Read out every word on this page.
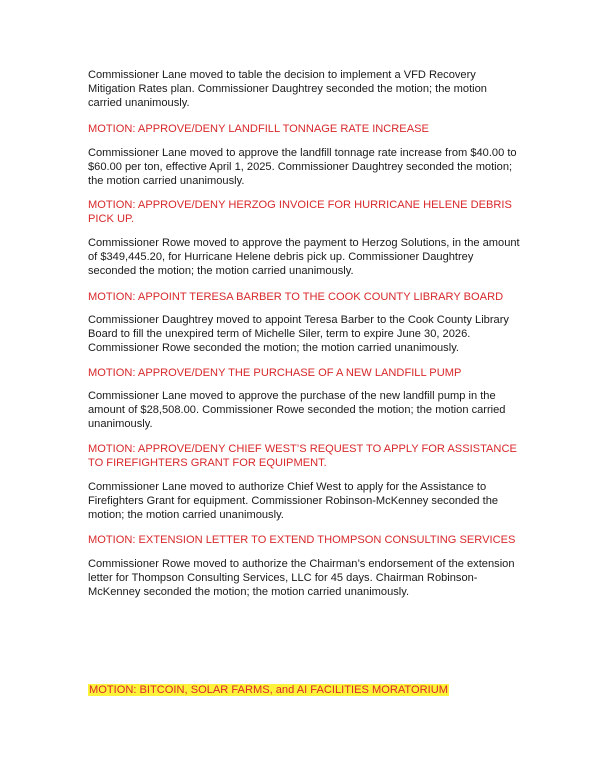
Commissioner Lane moved to table the decision to implement a VFD Recovery
Mitigation Rates plan. Commissioner Daughtrey seconded the motion; the motion
carried unanimously.
MOTION: APPROVE/DENY LANDFILL TONNAGE RATE INCREASE
Commissioner Lane moved to approve the landfill tonnage rate increase from $40.00 to
$60.00 per ton, effective April 1, 2025. Commissioner Daughtrey seconded the motion;
the motion carried unanimously.
MOTION: APPROVE/DENY HERZOG INVOICE FOR HURRICANE HELENE DEBRIS
PICK UP.
Commissioner Rowe moved to approve the payment to Herzog Solutions, in the amount
of $349,445.20, for Hurricane Helene debris pick up. Commissioner Daughtrey
seconded the motion; the motion carried unanimously.
MOTION: APPOINT TERESA BARBER TO THE COOK COUNTY LIBRARY BOARD
Commissioner Daughtrey moved to appoint Teresa Barber to the Cook County Library
Board to fill the unexpired term of Michelle Siler, term to expire June 30, 2026.
Commissioner Rowe seconded the motion; the motion carried unanimously.
MOTION: APPROVE/DENY THE PURCHASE OF A NEW LANDFILL PUMP
Commissioner Lane moved to approve the purchase of the new landfill pump in the
amount of $28,508.00. Commissioner Rowe seconded the motion; the motion carried
unanimously.
MOTION: APPROVE/DENY CHIEF WEST’S REQUEST TO APPLY FOR ASSISTANCE
TO FIREFIGHTERS GRANT FOR EQUIPMENT.
Commissioner Lane moved to authorize Chief West to apply for the Assistance to
Firefighters Grant for equipment. Commissioner Robinson-McKenney seconded the
motion; the motion carried unanimously.
MOTION: EXTENSION LETTER TO EXTEND THOMPSON CONSULTING SERVICES
Commissioner Rowe moved to authorize the Chairman’s endorsement of the extension
letter for Thompson Consulting Services, LLC for 45 days. Chairman Robinson-
McKenney seconded the motion; the motion carried unanimously.
MOTION: BITCOIN, SOLAR FARMS, and AI FACILITIES MORATORIUM
